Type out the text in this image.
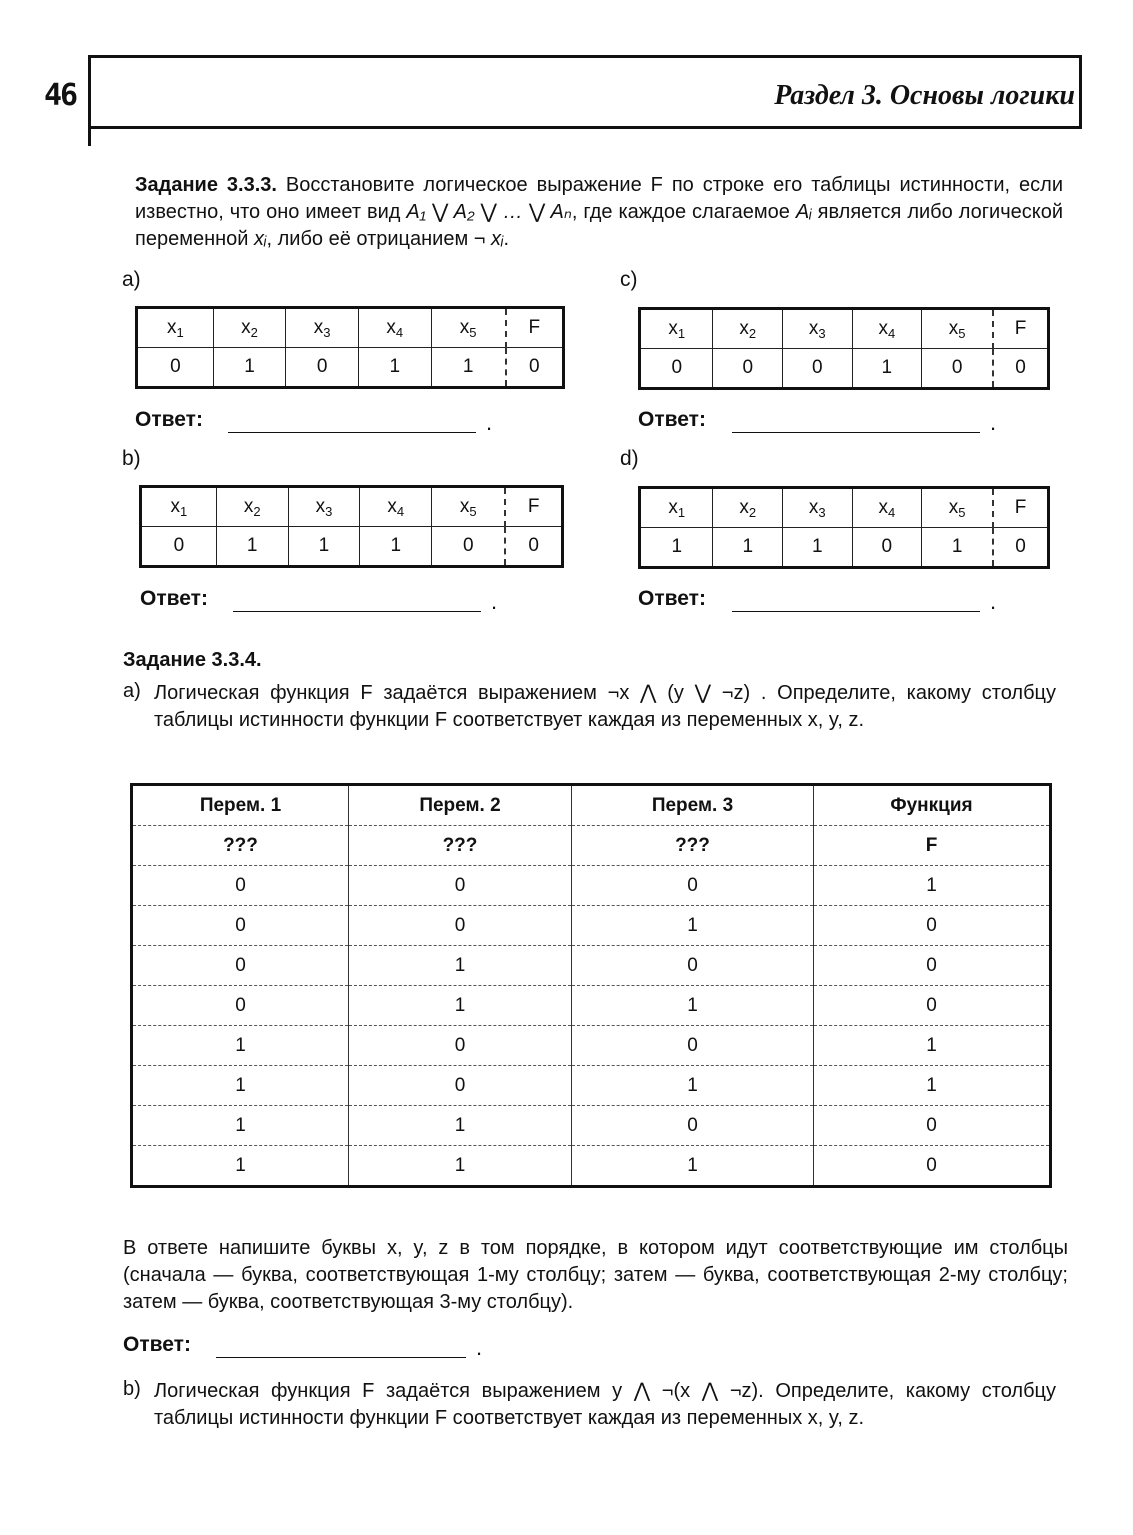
46	Раздел 3. Основы логики
Задание 3.3.3. Восстановите логическое выражение F по строке его таблицы истинности, если известно, что оно имеет вид A₁ ⋁ A₂ ⋁ … ⋁ Aₙ, где каждое слагаемое Aᵢ является либо логической переменной xᵢ, либо её отрицанием ¬ xᵢ.
a)	c)
b)	d)
$x_1$	$x_2$	$x_3$	$x_4$	$x_5$	F
0	1	0	1	1	0
$x_1$	$x_2$	$x_3$	$x_4$	$x_5$	F
0	0	0	1	0	0
Ответ:	.	Ответ:	.
$x_1$	$x_2$	$x_3$	$x_4$	$x_5$	F
0	1	1	1	0	0
$x_1$	$x_2$	$x_3$	$x_4$	$x_5$	F
1	1	1	0	1	0
Ответ:	.	Ответ:	.
Задание 3.3.4.
а) Логическая функция F задаётся выражением ¬x ⋀ (y ⋁ ¬z) . Определите, какому столбцу таблицы истинности функции F соответствует каждая из переменных x, y, z.
Перем. 1	Перем. 2	Перем. 3	Функция
???	???	???	F
0	0	0	1
0	0	1	0
0	1	0	0
0	1	1	0
1	0	0	1
1	0	1	1
1	1	0	0
1	1	1	0
В ответе напишите буквы x, y, z в том порядке, в котором идут соответствующие им столбцы (сначала — буква, соответствующая 1-му столбцу; затем — буква, соответствующая 2-му столбцу; затем — буква, соответствующая 3-му столбцу).
Ответ:	.
b) Логическая функция F задаётся выражением y ⋀ ¬(x ⋀ ¬z). Определите, какому столбцу таблицы истинности функции F соответствует каждая из переменных x, y, z.
